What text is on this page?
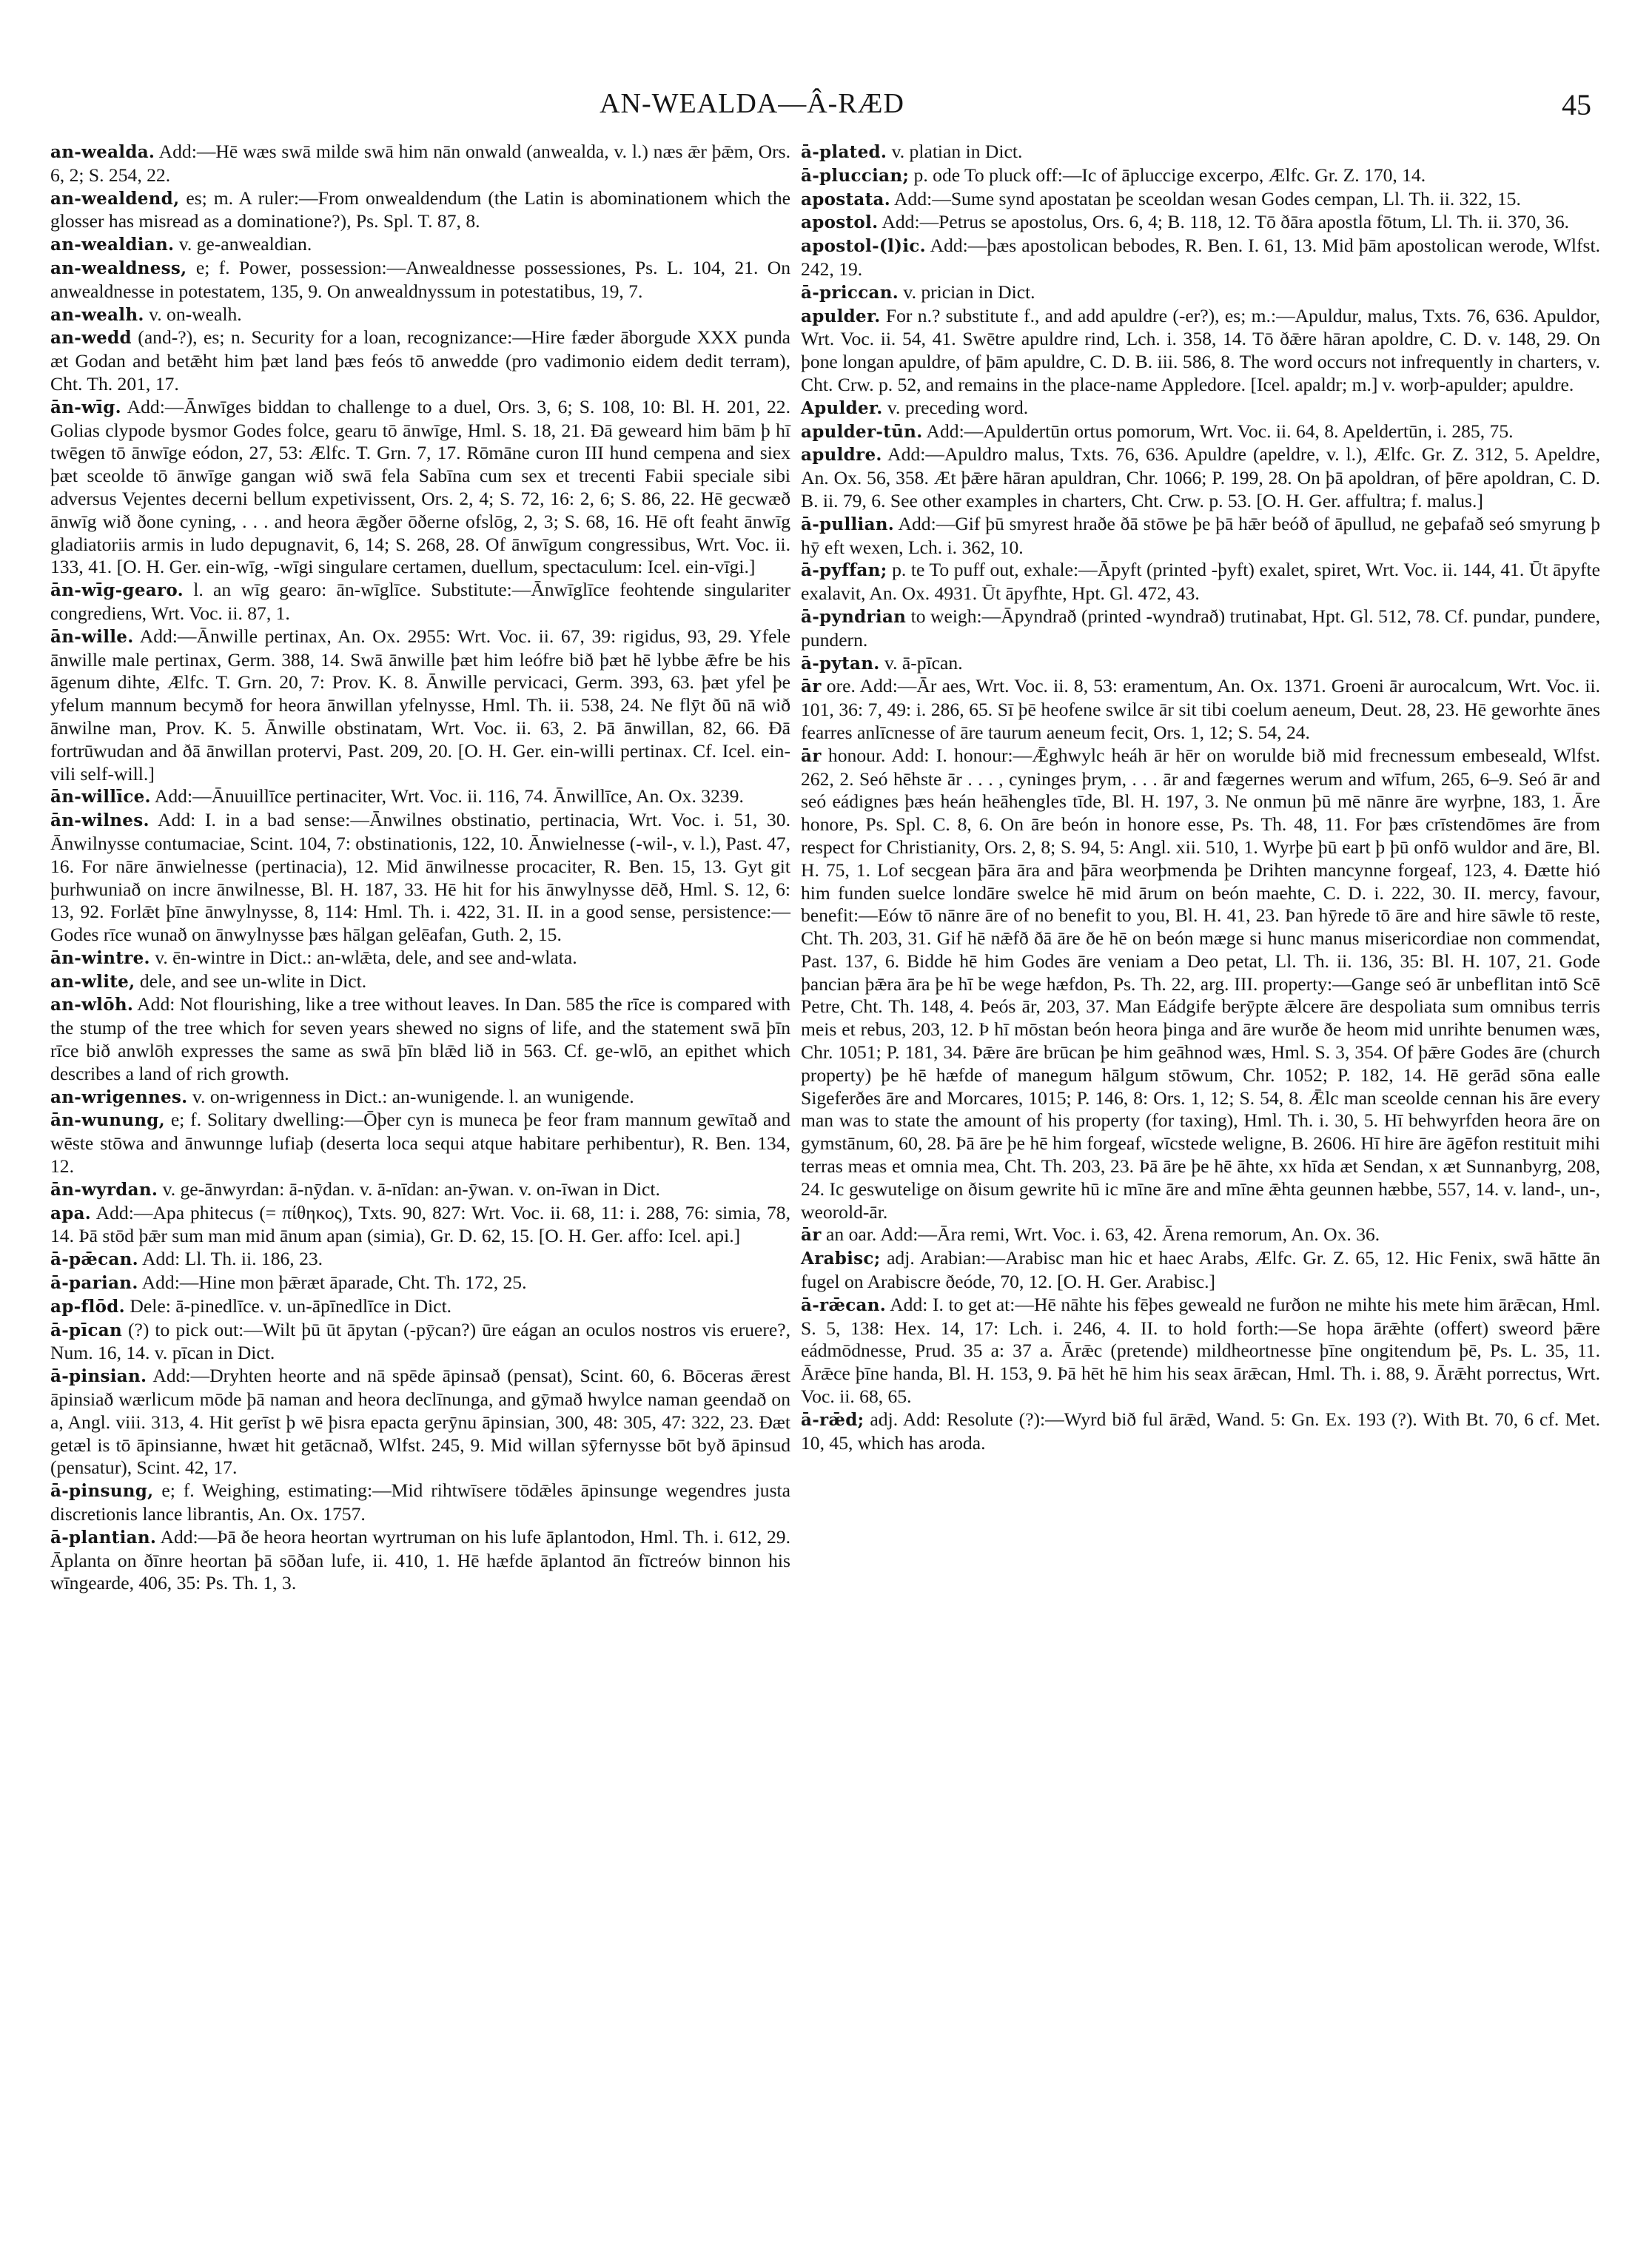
AN-WEALDA—Â-RÆD	45

an-wealda. Add:—Hē wæs swā milde swā him nān onwald (anwealda, v. l.) næs ǣr þǣm, Ors. 6, 2; S. 254, 22.

an-wealdend, es; m. A ruler:—From onwealdendum (the Latin is abominationem which the glosser has misread as a dominatione?), Ps. Spl. T. 87, 8.

an-wealdian. v. ge-anwealdian.

an-wealdness, e; f. Power, possession:—Anwealdnesse possessiones, Ps. L. 104, 21. On anwealdnesse in potestatem, 135, 9. On anwealdnyssum in potestatibus, 19, 7.

an-wealh. v. on-wealh.

an-wedd (and-?), es; n. Security for a loan, recognizance:—Hire fæder āborgude XXX punda æt Godan and betǣht him þæt land þæs feós tō anwedde (pro vadimonio eidem dedit terram), Cht. Th. 201, 17.

ān-wīg. Add:—Ānwīges biddan to challenge to a duel, Ors. 3, 6; S. 108, 10: Bl. H. 201, 22. Golias clypode bysmor Godes folce, gearu tō ānwīge, Hml. S. 18, 21. Đā geweard him bām þ hī twēgen tō ānwīge eódon, 27, 53: Ælfc. T. Grn. 7, 17. Rōmāne curon III hund cempena and siex þæt sceolde tō ānwīge gangan wið swā fela Sabīna cum sex et trecenti Fabii speciale sibi adversus Vejentes decerni bellum expetivissent, Ors. 2, 4; S. 72, 16: 2, 6; S. 86, 22. Hē gecwæð ānwīg wið ðone cyning, . . . and heora ǣgðer ōðerne ofslōg, 2, 3; S. 68, 16. Hē oft feaht ānwīg gladiatoriis armis in ludo depugnavit, 6, 14; S. 268, 28. Of ānwīgum congressibus, Wrt. Voc. ii. 133, 41. [O. H. Ger. ein-wīg, -wīgi singulare certamen, duellum, spectaculum: Icel. ein-vīgi.]

ān-wīg-gearo. l. an wīg gearo: ān-wīglīce. Substitute:—Ānwīglīce feohtende singulariter congrediens, Wrt. Voc. ii. 87, 1.

ān-wille. Add:—Ānwille pertinax, An. Ox. 2955: Wrt. Voc. ii. 67, 39: rigidus, 93, 29. Yfele ānwille male pertinax, Germ. 388, 14. Swā ānwille þæt him leófre bið þæt hē lybbe ǣfre be his āgenum dihte, Ælfc. T. Grn. 20, 7: Prov. K. 8. Ānwille pervicaci, Germ. 393, 63. þæt yfel þe yfelum mannum becymð for heora ānwillan yfelnysse, Hml. Th. ii. 538, 24. Ne flȳt ðū nā wið ānwilne man, Prov. K. 5. Ānwille obstinatam, Wrt. Voc. ii. 63, 2. Þā ānwillan, 82, 66. Đā fortrūwudan and ðā ānwillan protervi, Past. 209, 20. [O. H. Ger. ein-willi pertinax. Cf. Icel. ein-vili self-will.]

ān-willīce. Add:—Ānuuillīce pertinaciter, Wrt. Voc. ii. 116, 74. Ānwillīce, An. Ox. 3239.

ān-wilnes. Add: I. in a bad sense:—Ānwilnes obstinatio, pertinacia, Wrt. Voc. i. 51, 30. Ānwilnysse contumaciae, Scint. 104, 7: obstinationis, 122, 10. Ānwielnesse (-wil-, v. l.), Past. 47, 16. For nāre ānwielnesse (pertinacia), 12. Mid ānwilnesse procaciter, R. Ben. 15, 13. Gyt git þurhwuniað on incre ānwilnesse, Bl. H. 187, 33. Hē hit for his ānwylnysse dēð, Hml. S. 12, 6: 13, 92. Forlǣt þīne ānwylnysse, 8, 114: Hml. Th. i. 422, 31. II. in a good sense, persistence:—Godes rīce wunað on ānwylnysse þæs hālgan gelēafan, Guth. 2, 15.

ān-wintre. v. ēn-wintre in Dict.: an-wlǣta, dele, and see and-wlata.

an-wlite, dele, and see un-wlite in Dict.

an-wlōh. Add: Not flourishing, like a tree without leaves. In Dan. 585 the rīce is compared with the stump of the tree which for seven years shewed no signs of life, and the statement swā þīn rīce bið anwlōh expresses the same as swā þīn blǣd lið in 563. Cf. ge-wlō, an epithet which describes a land of rich growth.

an-wrigennes. v. on-wrigenness in Dict.: an-wunigende. l. an wunigende.

ān-wunung, e; f. Solitary dwelling:—Ōþer cyn is muneca þe feor fram mannum gewītað and wēste stōwa and ānwunnge lufiaþ (deserta loca sequi atque habitare perhibentur), R. Ben. 134, 12.

ān-wyrdan. v. ge-ānwyrdan: ā-nȳdan. v. ā-nīdan: an-ȳwan. v. on-īwan in Dict.

apa. Add:—Apa phitecus (= πίθηκος), Txts. 90, 827: Wrt. Voc. ii. 68, 11: i. 288, 76: simia, 78, 14. Þā stōd þǣr sum man mid ānum apan (simia), Gr. D. 62, 15. [O. H. Ger. affo: Icel. api.]

ā-pǣcan. Add: Ll. Th. ii. 186, 23.

ā-parian. Add:—Hine mon þǣræt āparade, Cht. Th. 172, 25.

ap-flōd. Dele: ā-pinedlīce. v. un-āpīnedlīce in Dict.

ā-pīcan (?) to pick out:—Wilt þū ūt āpytan (-pȳcan?) ūre eágan an oculos nostros vis eruere?, Num. 16, 14. v. pīcan in Dict.

ā-pinsian. Add:—Dryhten heorte and nā spēde āpinsað (pensat), Scint. 60, 6. Bōceras ǣrest āpinsiað wærlicum mōde þā naman and heora declīnunga, and gȳmað hwylce naman geendað on a, Angl. viii. 313, 4. Hit gerīst þ wē þisra epacta gerȳnu āpinsian, 300, 48: 305, 47: 322, 23. Đæt getæl is tō āpinsianne, hwæt hit getācnað, Wlfst. 245, 9. Mid willan sȳfernysse bōt byð āpinsud (pensatur), Scint. 42, 17.

ā-pinsung, e; f. Weighing, estimating:—Mid rihtwīsere tōdǣles āpinsunge wegendres justa discretionis lance librantis, An. Ox. 1757.

ā-plantian. Add:—Þā ðe heora heortan wyrtruman on his lufe āplantodon, Hml. Th. i. 612, 29. Āplanta on ðīnre heortan þā sōðan lufe, ii. 410, 1. Hē hæfde āplantod ān fīctreów binnon his wīngearde, 406, 35: Ps. Th. 1, 3.

ā-plated. v. platian in Dict.

ā-pluccian; p. ode To pluck off:—Ic of āpluccige excerpo, Ælfc. Gr. Z. 170, 14.

apostata. Add:—Sume synd apostatan þe sceoldan wesan Godes cempan, Ll. Th. ii. 322, 15.

apostol. Add:—Petrus se apostolus, Ors. 6, 4; B. 118, 12. Tō ðāra apostla fōtum, Ll. Th. ii. 370, 36.

apostol-(l)ic. Add:—þæs apostolican bebodes, R. Ben. I. 61, 13. Mid þām apostolican werode, Wlfst. 242, 19.

ā-priccan. v. prician in Dict.

apulder. For n.? substitute f., and add apuldre (-er?), es; m.:—Apuldur, malus, Txts. 76, 636. Apuldor, Wrt. Voc. ii. 54, 41. Swētre apuldre rind, Lch. i. 358, 14. Tō ðǣre hāran apoldre, C. D. v. 148, 29. On þone longan apuldre, of þām apuldre, C. D. B. iii. 586, 8. The word occurs not infrequently in charters, v. Cht. Crw. p. 52, and remains in the place-name Appledore. [Icel. apaldr; m.] v. worþ-apulder; apuldre.

Apulder. v. preceding word.

apulder-tūn. Add:—Apuldertūn ortus pomorum, Wrt. Voc. ii. 64, 8. Apeldertūn, i. 285, 75.

apuldre. Add:—Apuldro malus, Txts. 76, 636. Apuldre (apeldre, v. l.), Ælfc. Gr. Z. 312, 5. Apeldre, An. Ox. 56, 358. Æt þǣre hāran apuldran, Chr. 1066; P. 199, 28. On þā apoldran, of þēre apoldran, C. D. B. ii. 79, 6. See other examples in charters, Cht. Crw. p. 53. [O. H. Ger. affultra; f. malus.]

ā-pullian. Add:—Gif þū smyrest hraðe ðā stōwe þe þā hǣr beóð of āpullud, ne geþafað seó smyrung þ hȳ eft wexen, Lch. i. 362, 10.

ā-pyffan; p. te To puff out, exhale:—Āpyft (printed -þyft) exalet, spiret, Wrt. Voc. ii. 144, 41. Ūt āpyfte exalavit, An. Ox. 4931. Ūt āpyfhte, Hpt. Gl. 472, 43.

ā-pyndrian to weigh:—Āpyndrað (printed -wyndrað) trutinabat, Hpt. Gl. 512, 78. Cf. pundar, pundere, pundern.

ā-pytan. v. ā-pīcan.

ār ore. Add:—Ār aes, Wrt. Voc. ii. 8, 53: eramentum, An. Ox. 1371. Groeni ār aurocalcum, Wrt. Voc. ii. 101, 36: 7, 49: i. 286, 65. Sī þē heofene swilce ār sit tibi coelum aeneum, Deut. 28, 23. Hē geworhte ānes fearres anlīcnesse of āre taurum aeneum fecit, Ors. 1, 12; S. 54, 24.

ār honour. Add: I. honour:—Ǣghwylc heáh ār hēr on worulde bið mid frecnessum embeseald, Wlfst. 262, 2. Seó hēhste ār . . . , cyninges þrym, . . . ār and fægernes werum and wīfum, 265, 6–9. Seó ār and seó eádignes þæs heán heāhengles tīde, Bl. H. 197, 3. Ne onmun þū mē nānre āre wyrþne, 183, 1. Āre honore, Ps. Spl. C. 8, 6. On āre beón in honore esse, Ps. Th. 48, 11. For þæs crīstendōmes āre from respect for Christianity, Ors. 2, 8; S. 94, 5: Angl. xii. 510, 1. Wyrþe þū eart þ þū onfō wuldor and āre, Bl. H. 75, 1. Lof secgean þāra āra and þāra weorþmenda þe Drihten mancynne forgeaf, 123, 4. Đætte hió him funden suelce londāre swelce hē mid ārum on beón maehte, C. D. i. 222, 30. II. mercy, favour, benefit:—Eów tō nānre āre of no benefit to you, Bl. H. 41, 23. Þan hȳrede tō āre and hire sāwle tō reste, Cht. Th. 203, 31. Gif hē nǣfð ðā āre ðe hē on beón mæge si hunc manus misericordiae non commendat, Past. 137, 6. Bidde hē him Godes āre veniam a Deo petat, Ll. Th. ii. 136, 35: Bl. H. 107, 21. Gode þancian þǣra āra þe hī be wege hæfdon, Ps. Th. 22, arg. III. property:—Gange seó ār unbeflitan intō Scē Petre, Cht. Th. 148, 4. Þeós ār, 203, 37. Man Eádgife berȳpte ǣlcere āre despoliata sum omnibus terris meis et rebus, 203, 12. Þ hī mōstan beón heora þinga and āre wurðe ðe heom mid unrihte benumen wæs, Chr. 1051; P. 181, 34. Þǣre āre brūcan þe him geāhnod wæs, Hml. S. 3, 354. Of þǣre Godes āre (church property) þe hē hæfde of manegum hālgum stōwum, Chr. 1052; P. 182, 14. Hē gerād sōna ealle Sigeferðes āre and Morcares, 1015; P. 146, 8: Ors. 1, 12; S. 54, 8. Ǣlc man sceolde cennan his āre every man was to state the amount of his property (for taxing), Hml. Th. i. 30, 5. Hī behwyrfden heora āre on gymstānum, 60, 28. Þā āre þe hē him forgeaf, wīcstede weligne, B. 2606. Hī hire āre āgēfon restituit mihi terras meas et omnia mea, Cht. Th. 203, 23. Þā āre þe hē āhte, xx hīda æt Sendan, x æt Sunnanbyrg, 208, 24. Ic geswutelige on ðisum gewrite hū ic mīne āre and mīne ǣhta geunnen hæbbe, 557, 14. v. land-, un-, weorold-ār.

ār an oar. Add:—Āra remi, Wrt. Voc. i. 63, 42. Ārena remorum, An. Ox. 36.

Arabisc; adj. Arabian:—Arabisc man hic et haec Arabs, Ælfc. Gr. Z. 65, 12. Hic Fenix, swā hātte ān fugel on Arabiscre ðeóde, 70, 12. [O. H. Ger. Arabisc.]

ā-rǣcan. Add: I. to get at:—Hē nāhte his fēþes geweald ne furðon ne mihte his mete him ārǣcan, Hml. S. 5, 138: Hex. 14, 17: Lch. i. 246, 4. II. to hold forth:—Se hopa ārǣhte (offert) sweord þǣre eádmōdnesse, Prud. 35 a: 37 a. Ārǣc (pretende) mildheortnesse þīne ongitendum þē, Ps. L. 35, 11. Ārǣce þīne handa, Bl. H. 153, 9. Þā hēt hē him his seax ārǣcan, Hml. Th. i. 88, 9. Ārǣht porrectus, Wrt. Voc. ii. 68, 65.

ā-rǣd; adj. Add: Resolute (?):—Wyrd bið ful ārǣd, Wand. 5: Gn. Ex. 193 (?). With Bt. 70, 6 cf. Met. 10, 45, which has aroda.
